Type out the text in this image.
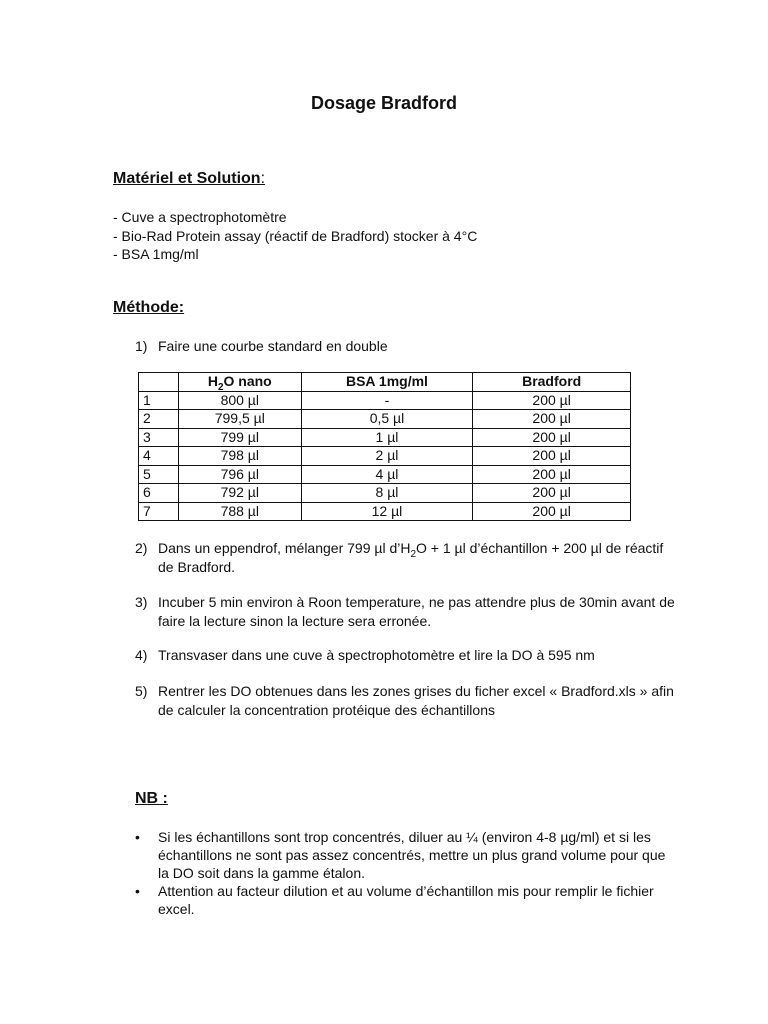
Dosage Bradford
Matériel et Solution:
- Cuve a spectrophotomètre
- Bio-Rad Protein assay (réactif de Bradford) stocker à 4°C
- BSA 1mg/ml
Méthode:
1) Faire une courbe standard en double
	$H_2O$ nano	BSA 1mg/ml	Bradford
1	800 µl	-	200 µl
2	799,5 µl	0,5 µl	200 µl
3	799 µl	1 µl	200 µl
4	798 µl	2 µl	200 µl
5	796 µl	4 µl	200 µl
6	792 µl	8 µl	200 µl
7	788 µl	12 µl	200 µl
2) Dans un eppendrof, mélanger 799 µl $d’H_2O + 1$ µl d’échantillon + 200 µl de réactif de Bradford.
3) Incuber 5 min environ à Roon temperature, ne pas attendre plus de 30min avant de faire la lecture sinon la lecture sera erronée.
4) Transvaser dans une cuve à spectrophotomètre et lire la DO à 595 nm
5) Rentrer les DO obtenues dans les zones grises du ficher excel « Bradford.xls » afin de calculer la concentration protéique des échantillons
NB :
•	Si les échantillons sont trop concentrés, diluer au ¼ (environ 4-8 µg/ml) et si les échantillons ne sont pas assez concentrés, mettre un plus grand volume pour que la DO soit dans la gamme étalon.
•	Attention au facteur dilution et au volume d’échantillon mis pour remplir le fichier excel.
